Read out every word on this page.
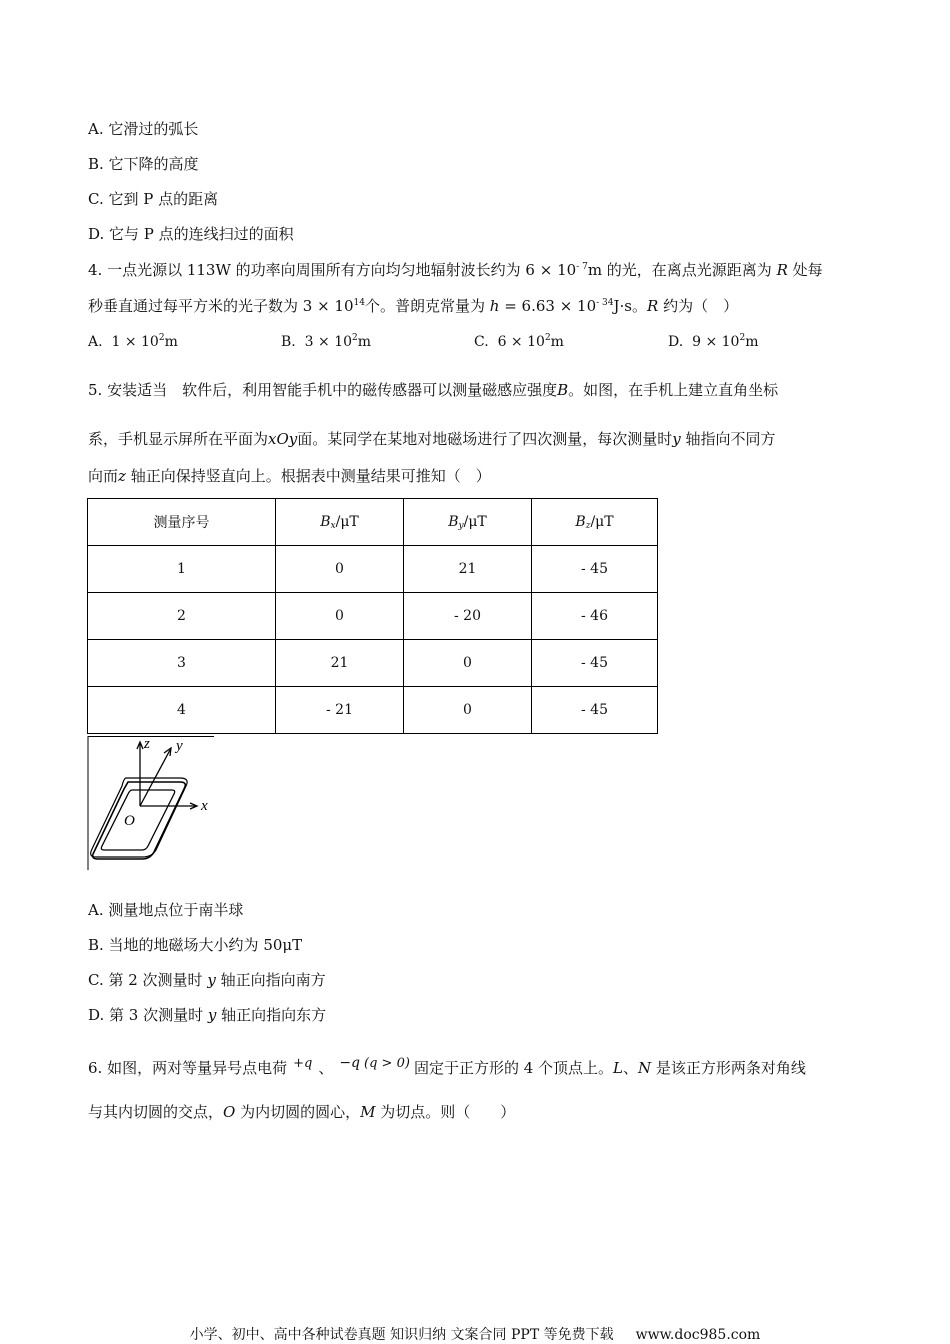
A. 它滑过的弧长
B. 它下降的高度
C. 它到 P 点的距离
D. 它与 P 点的连线扫过的面积
4. 一点光源以 113W 的功率向周围所有方向均匀地辐射波长约为 $6 \times 10^{- 7}m$ 的光，在离点光源距离为 R 处每
秒垂直通过每平方米的光子数为 $3 \times 10^{14}$个。普朗克常量为 $h = 6.63 \times 10^{- 34}J\cdot s$。R 约为（　）
A. $1 \times 10^2m$	B. $3 \times 10^2m$	C. $6 \times 10^2m$	D. $9 \times 10^2m$
5. 安装适当　软件后，利用智能手机中的磁传感器可以测量磁感应强度B。如图，在手机上建立直角坐标
系，手机显示屏所在平面为xOy面。某同学在某地对地磁场进行了四次测量，每次测量时y 轴指向不同方
向而z 轴正向保持竖直向上。根据表中测量结果可推知（　）
测量序号	$B_x/\mu T$	$B_y/\mu T$	$B_z/\mu T$
1	0	21	- 45
2	0	- 20	- 46
3	21	0	- 45
4	- 21	0	- 45
z y
x
O
A. 测量地点位于南半球
B. 当地的地磁场大小约为 50μT
C. 第 2 次测量时 y 轴正向指向南方
D. 第 3 次测量时 y 轴正向指向东方
6. 如图，两对等量异号点电荷 +q 、 −q (q > 0) 固定于正方形的 4 个顶点上。L、N 是该正方形两条对角线
与其内切圆的交点，O 为内切圆的圆心，M 为切点。则（　　）
小学、初中、高中各种试卷真题 知识归纳 文案合同 PPT 等免费下载 www.doc985.com
